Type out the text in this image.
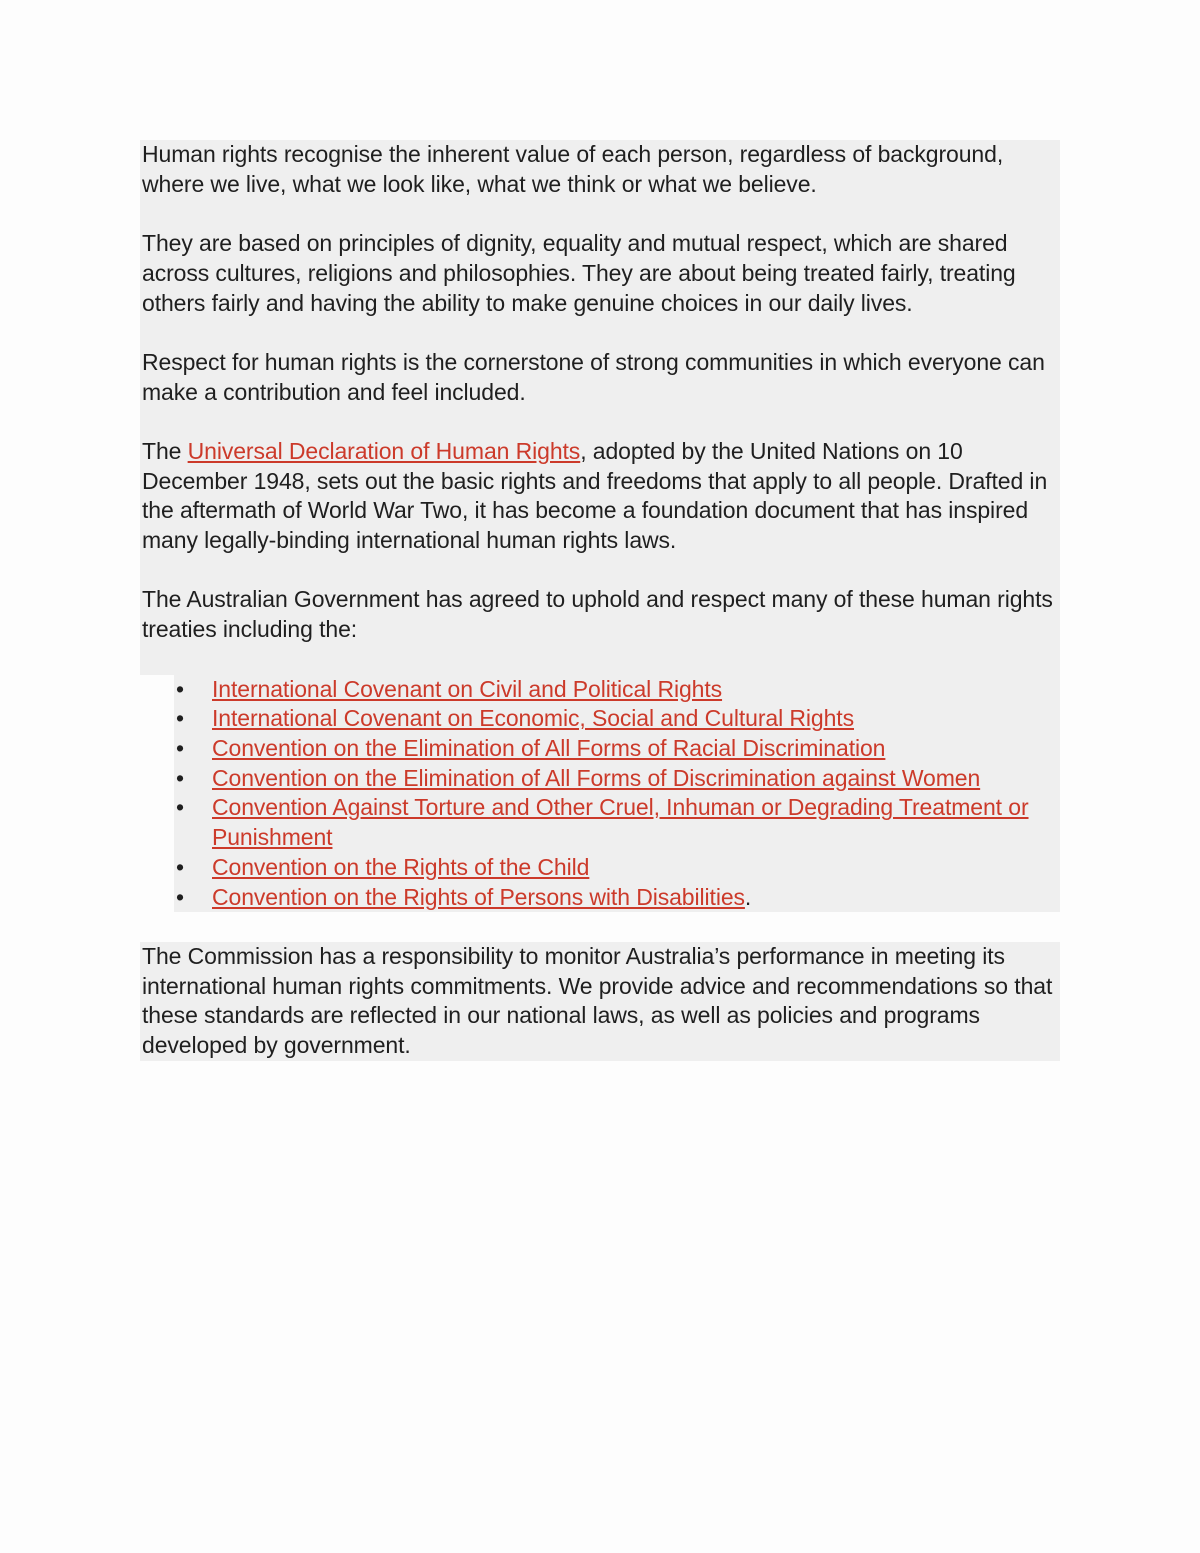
Human rights recognise the inherent value of each person, regardless of background, where we live, what we look like, what we think or what we believe.

They are based on principles of dignity, equality and mutual respect, which are shared across cultures, religions and philosophies. They are about being treated fairly, treating others fairly and having the ability to make genuine choices in our daily lives.

Respect for human rights is the cornerstone of strong communities in which everyone can make a contribution and feel included.

The Universal Declaration of Human Rights, adopted by the United Nations on 10 December 1948, sets out the basic rights and freedoms that apply to all people. Drafted in the aftermath of World War Two, it has become a foundation document that has inspired many legally-binding international human rights laws.

The Australian Government has agreed to uphold and respect many of these human rights treaties including the:

• International Covenant on Civil and Political Rights
• International Covenant on Economic, Social and Cultural Rights
• Convention on the Elimination of All Forms of Racial Discrimination
• Convention on the Elimination of All Forms of Discrimination against Women
• Convention Against Torture and Other Cruel, Inhuman or Degrading Treatment or Punishment
• Convention on the Rights of the Child
• Convention on the Rights of Persons with Disabilities.

The Commission has a responsibility to monitor Australia’s performance in meeting its international human rights commitments. We provide advice and recommendations so that these standards are reflected in our national laws, as well as policies and programs developed by government.
